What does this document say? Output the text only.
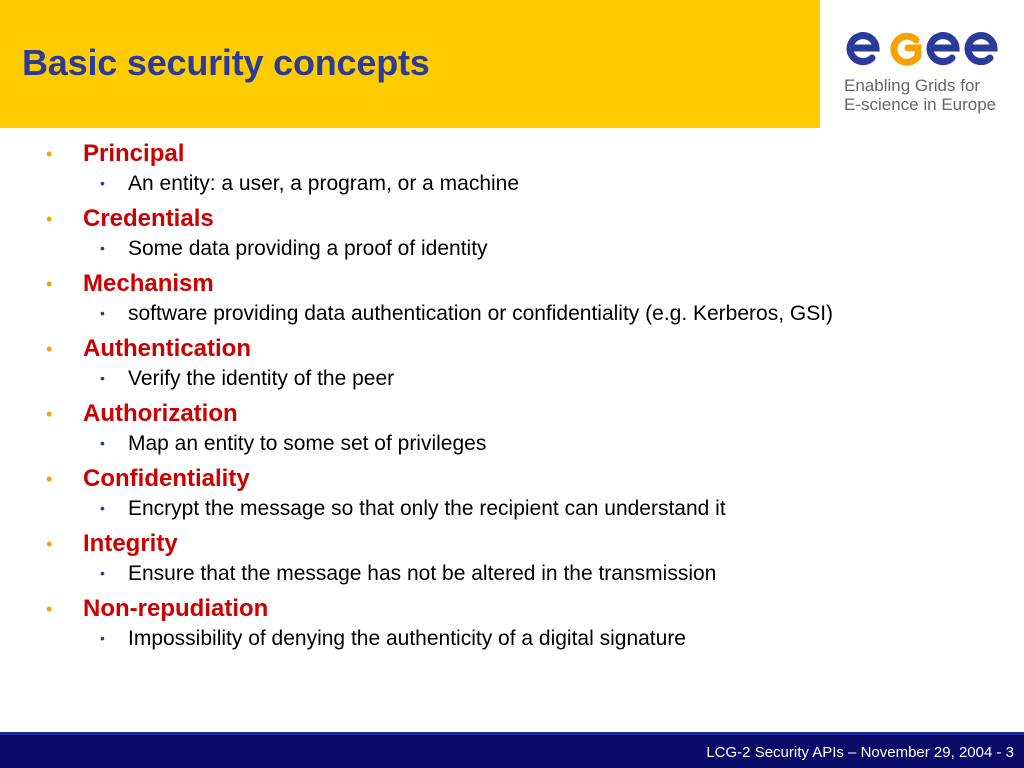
Basic security concepts
Enabling Grids for
E-science in Europe
• Principal
• An entity: a user, a program, or a machine
• Credentials
• Some data providing a proof of identity
• Mechanism
• software providing data authentication or confidentiality (e.g. Kerberos, GSI)
• Authentication
• Verify the identity of the peer
• Authorization
• Map an entity to some set of privileges
• Confidentiality
• Encrypt the message so that only the recipient can understand it
• Integrity
• Ensure that the message has not be altered in the transmission
• Non-repudiation
• Impossibility of denying the authenticity of a digital signature
LCG-2 Security APIs – November 29, 2004 - 3
